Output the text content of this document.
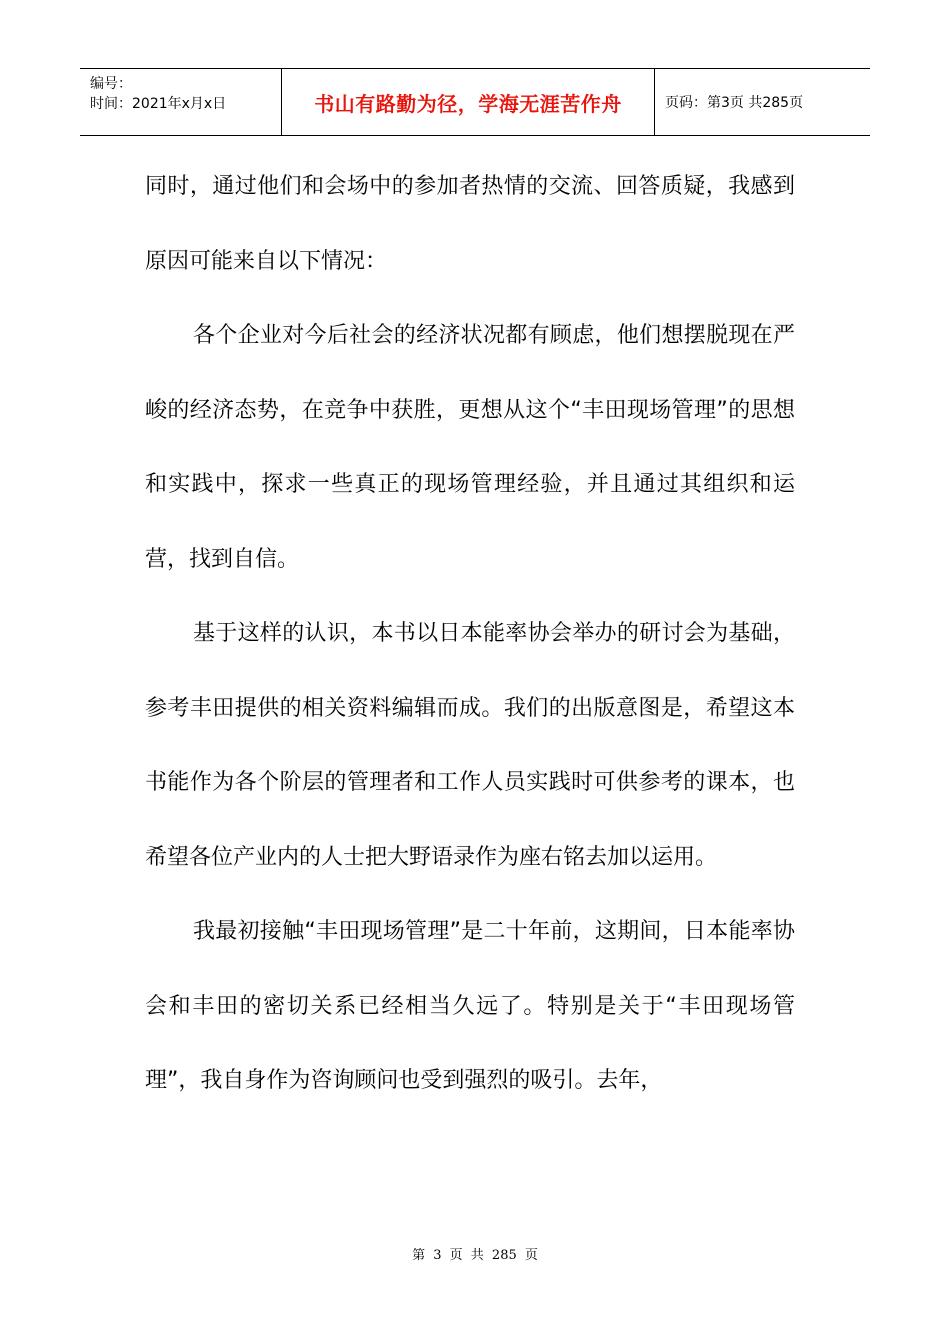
编号：
时间：2021年x月x日	书山有路勤为径，学海无涯苦作舟	页码：第3页 共285页

同时，通过他们和会场中的参加者热情的交流、回答质疑，我感到原因可能来自以下情况：

各个企业对今后社会的经济状况都有顾虑，他们想摆脱现在严峻的经济态势，在竞争中获胜，更想从这个“丰田现场管理”的思想和实践中，探求一些真正的现场管理经验，并且通过其组织和运营，找到自信。

基于这样的认识，本书以日本能率协会举办的研讨会为基础，参考丰田提供的相关资料编辑而成。我们的出版意图是，希望这本书能作为各个阶层的管理者和工作人员实践时可供参考的课本，也希望各位产业内的人士把大野语录作为座右铭去加以运用。

我最初接触“丰田现场管理”是二十年前，这期间，日本能率协会和丰田的密切关系已经相当久远了。特别是关于“丰田现场管理”，我自身作为咨询顾问也受到强烈的吸引。去年，

第 3 页 共 285 页
